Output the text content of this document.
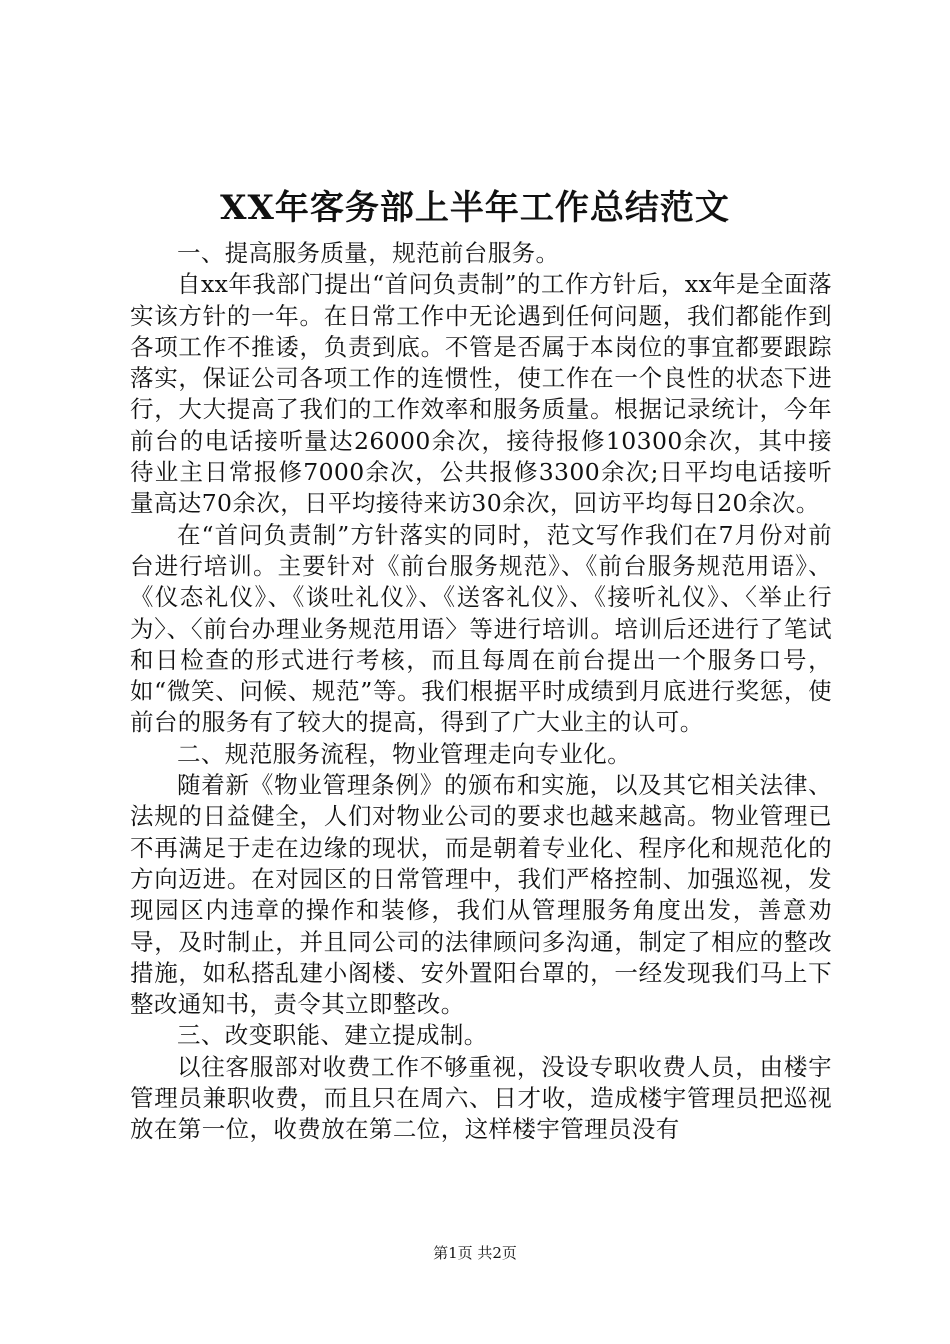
XX年客务部上半年工作总结范文

一、提高服务质量，规范前台服务。

自xx年我部门提出“首问负责制”的工作方针后，xx年是全面落实该方针的一年。在日常工作中无论遇到任何问题，我们都能作到各项工作不推诿，负责到底。不管是否属于本岗位的事宜都要跟踪落实，保证公司各项工作的连惯性，使工作在一个良性的状态下进行，大大提高了我们的工作效率和服务质量。根据记录统计，今年前台的电话接听量达26000余次，接待报修10300余次，其中接待业主日常报修7000余次，公共报修3300余次;日平均电话接听量高达70余次，日平均接待来访30余次，回访平均每日20余次。

在“首问负责制”方针落实的同时，范文写作我们在7月份对前台进行培训。主要针对《前台服务规范》、《前台服务规范用语》、《仪态礼仪》、《谈吐礼仪》、《送客礼仪》、《接听礼仪》、〈举止行为〉、〈前台办理业务规范用语〉等进行培训。培训后还进行了笔试和日检查的形式进行考核，而且每周在前台提出一个服务口号，如“微笑、问候、规范”等。我们根据平时成绩到月底进行奖惩，使前台的服务有了较大的提高，得到了广大业主的认可。

二、规范服务流程，物业管理走向专业化。

随着新《物业管理条例》的颁布和实施，以及其它相关法律、法规的日益健全，人们对物业公司的要求也越来越高。物业管理已不再满足于走在边缘的现状，而是朝着专业化、程序化和规范化的方向迈进。在对园区的日常管理中，我们严格控制、加强巡视，发现园区内违章的操作和装修，我们从管理服务角度出发，善意劝导，及时制止，并且同公司的法律顾问多沟通，制定了相应的整改措施，如私搭乱建小阁楼、安外置阳台罩的，一经发现我们马上下整改通知书，责令其立即整改。

三、改变职能、建立提成制。

以往客服部对收费工作不够重视，没设专职收费人员，由楼宇管理员兼职收费，而且只在周六、日才收，造成楼宇管理员把巡视放在第一位，收费放在第二位，这样楼宇管理员没有

第1页 共2页
